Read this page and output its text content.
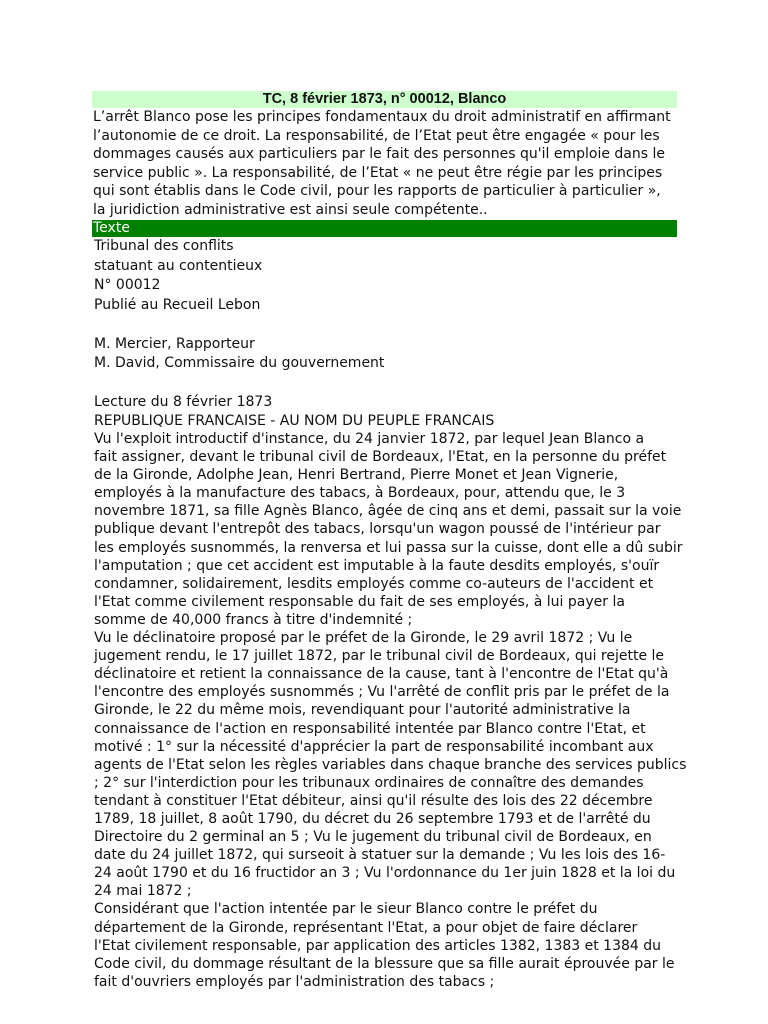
TC, 8 février 1873, n° 00012, Blanco
L’arrêt Blanco pose les principes fondamentaux du droit administratif en affirmant
l’autonomie de ce droit. La responsabilité, de l’Etat peut être engagée « pour les
dommages causés aux particuliers par le fait des personnes qu'il emploie dans le
service public ». La responsabilité, de l’Etat « ne peut être régie par les principes
qui sont établis dans le Code civil, pour les rapports de particulier à particulier »,
la juridiction administrative est ainsi seule compétente..
Texte
Tribunal des conflits
statuant au contentieux
N° 00012
Publié au Recueil Lebon
M. Mercier, Rapporteur
M. David, Commissaire du gouvernement
Lecture du 8 février 1873
REPUBLIQUE FRANCAISE - AU NOM DU PEUPLE FRANCAIS
Vu l'exploit introductif d'instance, du 24 janvier 1872, par lequel Jean Blanco a
fait assigner, devant le tribunal civil de Bordeaux, l'Etat, en la personne du préfet
de la Gironde, Adolphe Jean, Henri Bertrand, Pierre Monet et Jean Vignerie,
employés à la manufacture des tabacs, à Bordeaux, pour, attendu que, le 3
novembre 1871, sa fille Agnès Blanco, âgée de cinq ans et demi, passait sur la voie
publique devant l'entrepôt des tabacs, lorsqu'un wagon poussé de l'intérieur par
les employés susnommés, la renversa et lui passa sur la cuisse, dont elle a dû subir
l'amputation ; que cet accident est imputable à la faute desdits employés, s'ouïr
condamner, solidairement, lesdits employés comme co-auteurs de l'accident et
l'Etat comme civilement responsable du fait de ses employés, à lui payer la
somme de 40,000 francs à titre d'indemnité ;
Vu le déclinatoire proposé par le préfet de la Gironde, le 29 avril 1872 ; Vu le
jugement rendu, le 17 juillet 1872, par le tribunal civil de Bordeaux, qui rejette le
déclinatoire et retient la connaissance de la cause, tant à l'encontre de l'Etat qu'à
l'encontre des employés susnommés ; Vu l'arrêté de conflit pris par le préfet de la
Gironde, le 22 du même mois, revendiquant pour l'autorité administrative la
connaissance de l'action en responsabilité intentée par Blanco contre l'Etat, et
motivé : 1° sur la nécessité d'apprécier la part de responsabilité incombant aux
agents de l'Etat selon les règles variables dans chaque branche des services publics
; 2° sur l'interdiction pour les tribunaux ordinaires de connaître des demandes
tendant à constituer l'Etat débiteur, ainsi qu'il résulte des lois des 22 décembre
1789, 18 juillet, 8 août 1790, du décret du 26 septembre 1793 et de l'arrêté du
Directoire du 2 germinal an 5 ; Vu le jugement du tribunal civil de Bordeaux, en
date du 24 juillet 1872, qui surseoit à statuer sur la demande ; Vu les lois des 16-
24 août 1790 et du 16 fructidor an 3 ; Vu l'ordonnance du 1er juin 1828 et la loi du
24 mai 1872 ;
Considérant que l'action intentée par le sieur Blanco contre le préfet du
département de la Gironde, représentant l'Etat, a pour objet de faire déclarer
l'Etat civilement responsable, par application des articles 1382, 1383 et 1384 du
Code civil, du dommage résultant de la blessure que sa fille aurait éprouvée par le
fait d'ouvriers employés par l'administration des tabacs ;
